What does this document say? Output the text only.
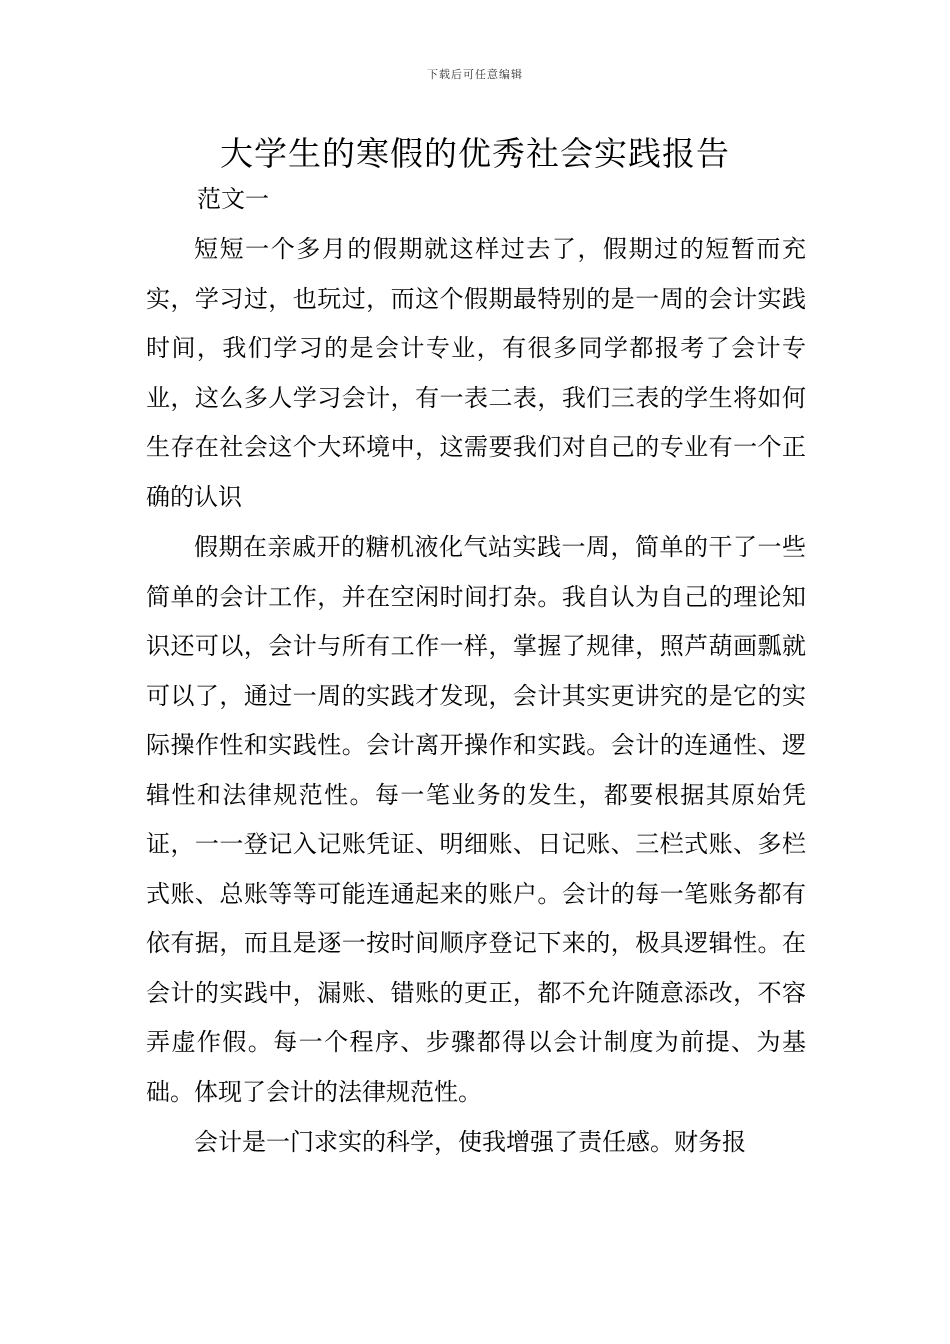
下载后可任意编辑
大学生的寒假的优秀社会实践报告
范文一

短短一个多月的假期就这样过去了，假期过的短暂而充实，学习过，也玩过，而这个假期最特别的是一周的会计实践时间，我们学习的是会计专业，有很多同学都报考了会计专业，这么多人学习会计，有一表二表，我们三表的学生将如何生存在社会这个大环境中，这需要我们对自己的专业有一个正确的认识

假期在亲戚开的糖机液化气站实践一周，简单的干了一些简单的会计工作，并在空闲时间打杂。我自认为自己的理论知识还可以，会计与所有工作一样，掌握了规律，照芦葫画瓢就可以了，通过一周的实践才发现，会计其实更讲究的是它的实际操作性和实践性。会计离开操作和实践。会计的连通性、逻辑性和法律规范性。每一笔业务的发生，都要根据其原始凭证，一一登记入记账凭证、明细账、日记账、三栏式账、多栏式账、总账等等可能连通起来的账户。会计的每一笔账务都有依有据，而且是逐一按时间顺序登记下来的，极具逻辑性。在会计的实践中，漏账、错账的更正，都不允许随意添改，不容弄虚作假。每一个程序、步骤都得以会计制度为前提、为基础。体现了会计的法律规范性。

会计是一门求实的科学，使我增强了责任感。财务报
